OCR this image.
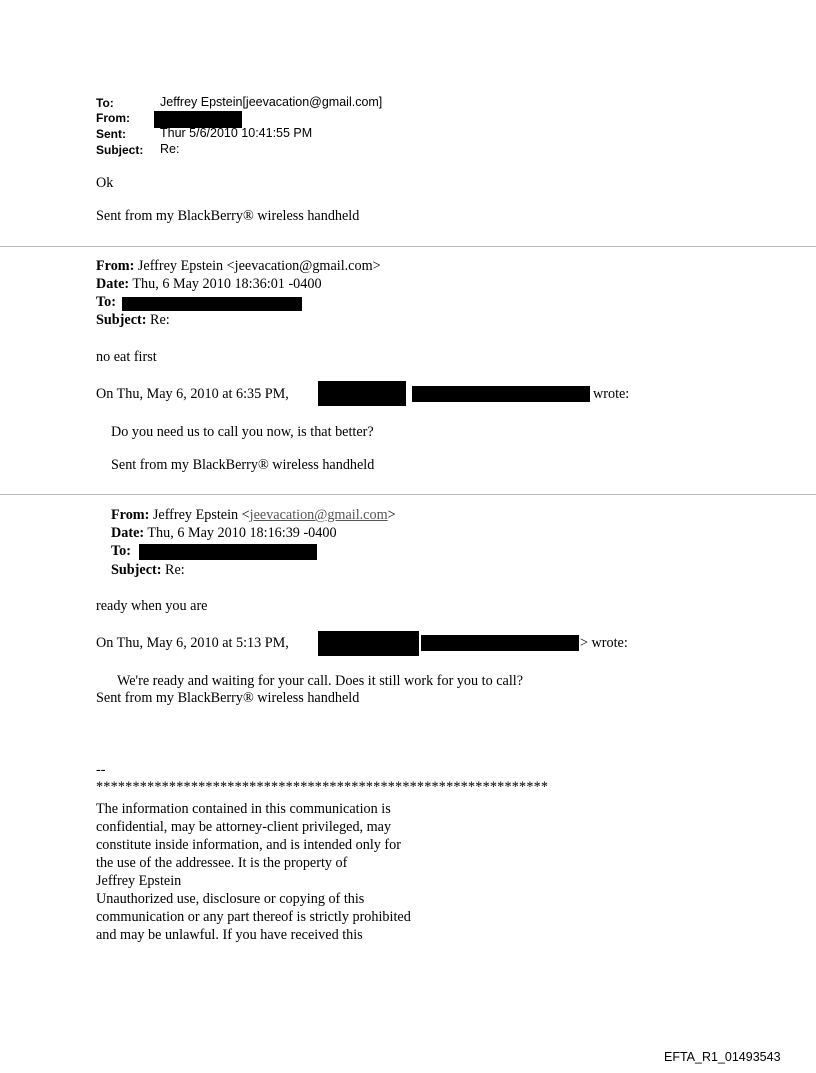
To:	Jeffrey Epstein[jeevacation@gmail.com]
From:
Sent:	Thur 5/6/2010 10:41:55 PM
Subject: Re:
Ok
Sent from my BlackBerry® wireless handheld
From: Jeffrey Epstein <jeevacation@gmail.com>
Date: Thu, 6 May 2010 18:36:01 -0400
To:
Subject: Re:
no eat first
On Thu, May 6, 2010 at 6:35 PM,	wrote:
Do you need us to call you now, is that better?
Sent from my BlackBerry® wireless handheld
From: Jeffrey Epstein <jeevacation@gmail.com>
Date: Thu, 6 May 2010 18:16:39 -0400
To:
Subject: Re:
ready when you are
On Thu, May 6, 2010 at 5:13 PM,	> wrote:
We're ready and waiting for your call. Does it still work for you to call?
Sent from my BlackBerry® wireless handheld
--
**************************************************************
The information contained in this communication is
confidential, may be attorney-client privileged, may
constitute inside information, and is intended only for
the use of the addressee. It is the property of
Jeffrey Epstein
Unauthorized use, disclosure or copying of this
communication or any part thereof is strictly prohibited
and may be unlawful. If you have received this
EFTA_R1_01493543
